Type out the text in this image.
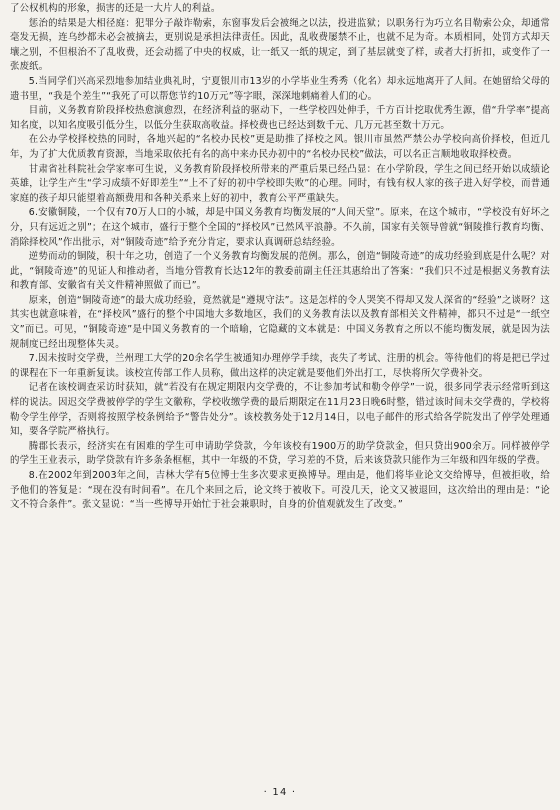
了公权机构的形象，损害的还是一大片人的利益。

惩治的结果是大相径庭：犯罪分子敲诈勒索，东窗事发后会被绳之以法，投进监狱；以职务行为巧立名目勒索公众，却通常毫发无损，连乌纱都未必会被摘去，更别说是承担法律责任。因此，乱收费屡禁不止，也就不足为奇。本质相同，处罚方式却天壤之别，不但根治不了乱收费，还会动摇了中央的权威，让一纸又一纸的规定，到了基层就变了样，或者大打折扣，或变作了一张废纸。

5.当同学们兴高采烈地参加结业典礼时，宁夏银川市13岁的小学毕业生秀秀（化名）却永远地离开了人间。在她留给父母的遗书里，“我是个差生”“我死了可以帮您节约10万元”等字眼，深深地刺痛着人们的心。

目前，义务教育阶段择校热愈演愈烈，在经济利益的驱动下，一些学校四处伸手，千方百计挖取优秀生源，借“升学率”提高知名度，以知名度吸引低分生，以低分生获取高收益。择校费也已经达到数千元、几万元甚至数十万元。

在公办学校择校热的同时，各地兴起的“名校办民校”更是助推了择校之风。银川市虽然严禁公办学校向高价择校，但近几年，为了扩大优质教育资源，当地采取依托有名的高中来办民办初中的“名校办民校”做法，可以名正言顺地收取择校费。

甘肃省社科院社会学家率可生说，义务教育阶段择校所带来的严重后果已经凸显：在小学阶段，学生之间已经开始以成绩论英雄，让学生产生“学习成绩不好即差生”“上不了好的初中学校即失败”的心理。同时，有钱有权人家的孩子进入好学校，而普通家庭的孩子却只能望着高额费用和各种关系来上好的初中，教育公平严重缺失。

6.安徽铜陵，一个仅有70万人口的小城，却是中国义务教育均衡发展的“人间天堂”。原来，在这个城市，“学校没有好坏之分，只有远近之别”；在这个城市，盛行于整个全国的“择校风”已然风平浪静。不久前，国家有关领导曾就“铜陵推行教育均衡、消除择校风”作出批示，对“铜陵奇迹”给予充分肯定，要求认真调研总结经验。

逆势而动的铜陵，积十年之功，创造了一个义务教育均衡发展的范例。那么，创造“铜陵奇迹”的成功经验到底是什么呢？对此，“铜陵奇迹”的见证人和推动者，当地分管教育长达12年的教委前副主任汪其惠给出了答案：“我们只不过是根据义务教育法和教育部、安徽省有关文件精神照做了而已”。

原来，创造“铜陵奇迹”的最大成功经验，竟然就是“遵规守法”。这是怎样的令人哭笑不得却又发人深省的“经验”之谈呀？这其实也就意味着，在“择校风”盛行的整个中国地大多数地区，我们的义务教育法以及教育部相关文件精神，都只不过是“一纸空文”而已。可见，“铜陵奇迹”是中国义务教育的一个暗喻，它隐藏的文本就是：中国义务教育之所以不能均衡发展，就是因为法规制度已经出现整体失灵。

7.因未按时交学费，兰州理工大学的20余名学生被通知办理停学手续，丧失了考试、注册的机会。等待他们的将是把已学过的课程在下一年重新复读。该校宣传部工作人员称，做出这样的决定就是要他们外出打工，尽快将所欠学费补交。

记者在该校调查采访时获知，就“若没有在规定期限内交学费的，不让参加考试和勒令停学”一说，很多同学表示经常听到这样的说法。因迟交学费被停学的学生文徽称，学校收缴学费的最后期限定在11月23日晚6时整，错过该时间未交学费的，学校将勒令学生停学，否则将按照学校条例给予“警告处分”。该校教务处于12月14日，以电子邮件的形式给各学院发出了停学处理通知，要各学院严格执行。

腾郡长表示，经济实在有困难的学生可申请助学贷款，今年该校有1900万的助学贷款金，但只贷出900余万。同样被停学的学生王业表示，助学贷款有许多条条框框，其中一年级的不贷，学习差的不贷，后来该贷款只能作为三年级和四年级的学费。

8.在2002年到2003年之间，吉林大学有5位博士生多次要求更换博导。理由是，他们将毕业论文交给博导，但被拒收，给予他们的答复是：“现在没有时间看”。在几个来回之后，论文终于被收下。可没几天，论文又被退回，这次给出的理由是：“论文不符合条件”。张文显说：“当一些博导开始忙于社会兼职时，自身的价值观就发生了改变。”

· 14 ·
